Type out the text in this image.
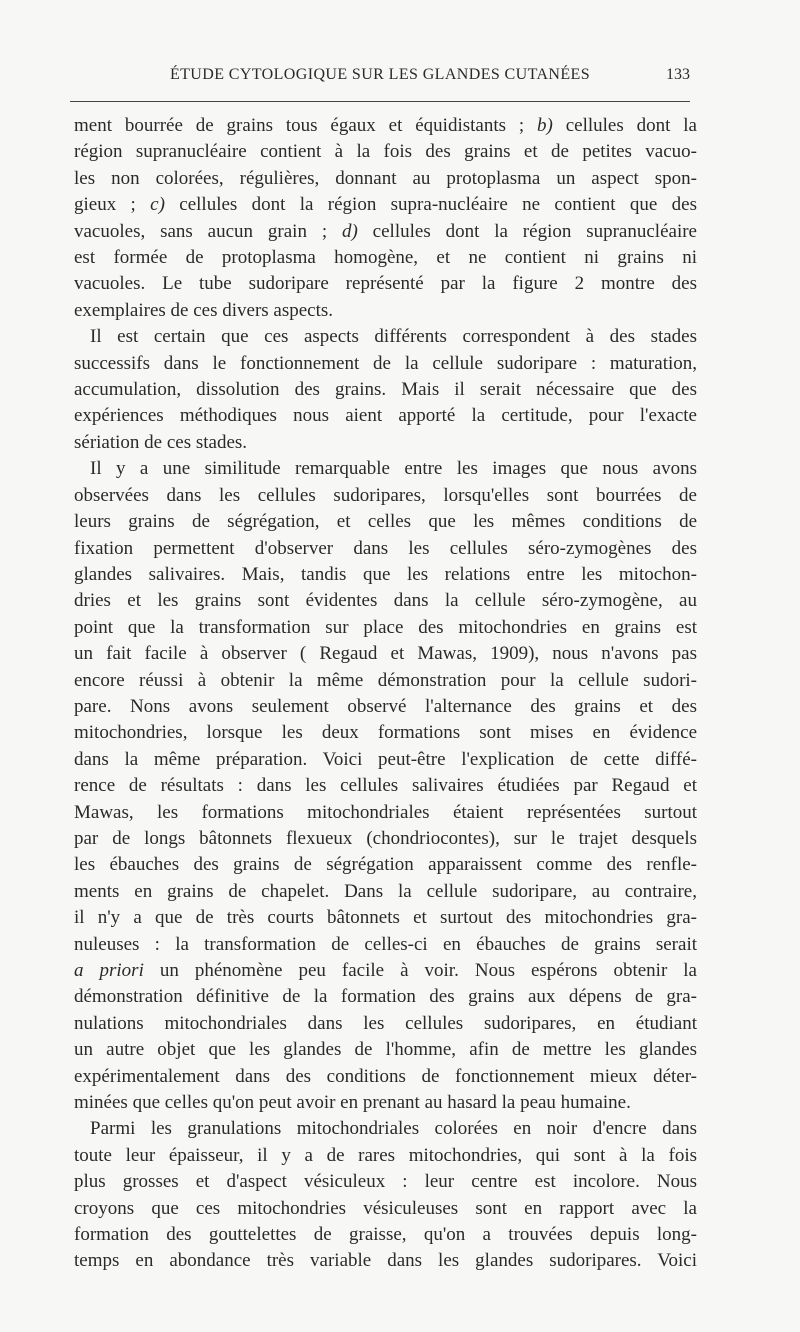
ÉTUDE CYTOLOGIQUE SUR LES GLANDES CUTANÉES	133
ment bourrée de grains tous égaux et équidistants ; b) cellules dont la
région supranucléaire contient à la fois des grains et de petites vacuo-
les non colorées, régulières, donnant au protoplasma un aspect spon-
gieux ; c) cellules dont la région supra-nucléaire ne contient que des
vacuoles, sans aucun grain ; d) cellules dont la région supranucléaire
est formée de protoplasma homogène, et ne contient ni grains ni
vacuoles. Le tube sudoripare représenté par la figure 2 montre des
exemplaires de ces divers aspects.
Il est certain que ces aspects différents correspondent à des stades
successifs dans le fonctionnement de la cellule sudoripare : maturation,
accumulation, dissolution des grains. Mais il serait nécessaire que des
expériences méthodiques nous aient apporté la certitude, pour l'exacte
sériation de ces stades.
Il y a une similitude remarquable entre les images que nous avons
observées dans les cellules sudoripares, lorsqu'elles sont bourrées de
leurs grains de ségrégation, et celles que les mêmes conditions de
fixation permettent d'observer dans les cellules séro-zymogènes des
glandes salivaires. Mais, tandis que les relations entre les mitochon-
dries et les grains sont évidentes dans la cellule séro-zymogène, au
point que la transformation sur place des mitochondries en grains est
un fait facile à observer ( Regaud et Mawas, 1909), nous n'avons pas
encore réussi à obtenir la même démonstration pour la cellule sudori-
pare. Nons avons seulement observé l'alternance des grains et des
mitochondries, lorsque les deux formations sont mises en évidence
dans la même préparation. Voici peut-être l'explication de cette diffé-
rence de résultats : dans les cellules salivaires étudiées par Regaud et
Mawas, les formations mitochondriales étaient représentées surtout
par de longs bâtonnets flexueux (chondriocontes), sur le trajet desquels
les ébauches des grains de ségrégation apparaissent comme des renfle-
ments en grains de chapelet. Dans la cellule sudoripare, au contraire,
il n'y a que de très courts bâtonnets et surtout des mitochondries gra-
nuleuses : la transformation de celles-ci en ébauches de grains serait
a priori un phénomène peu facile à voir. Nous espérons obtenir la
démonstration définitive de la formation des grains aux dépens de gra-
nulations mitochondriales dans les cellules sudoripares, en étudiant
un autre objet que les glandes de l'homme, afin de mettre les glandes
expérimentalement dans des conditions de fonctionnement mieux déter-
minées que celles qu'on peut avoir en prenant au hasard la peau humaine.
Parmi les granulations mitochondriales colorées en noir d'encre dans
toute leur épaisseur, il y a de rares mitochondries, qui sont à la fois
plus grosses et d'aspect vésiculeux : leur centre est incolore. Nous
croyons que ces mitochondries vésiculeuses sont en rapport avec la
formation des gouttelettes de graisse, qu'on a trouvées depuis long-
temps en abondance très variable dans les glandes sudoripares. Voici
